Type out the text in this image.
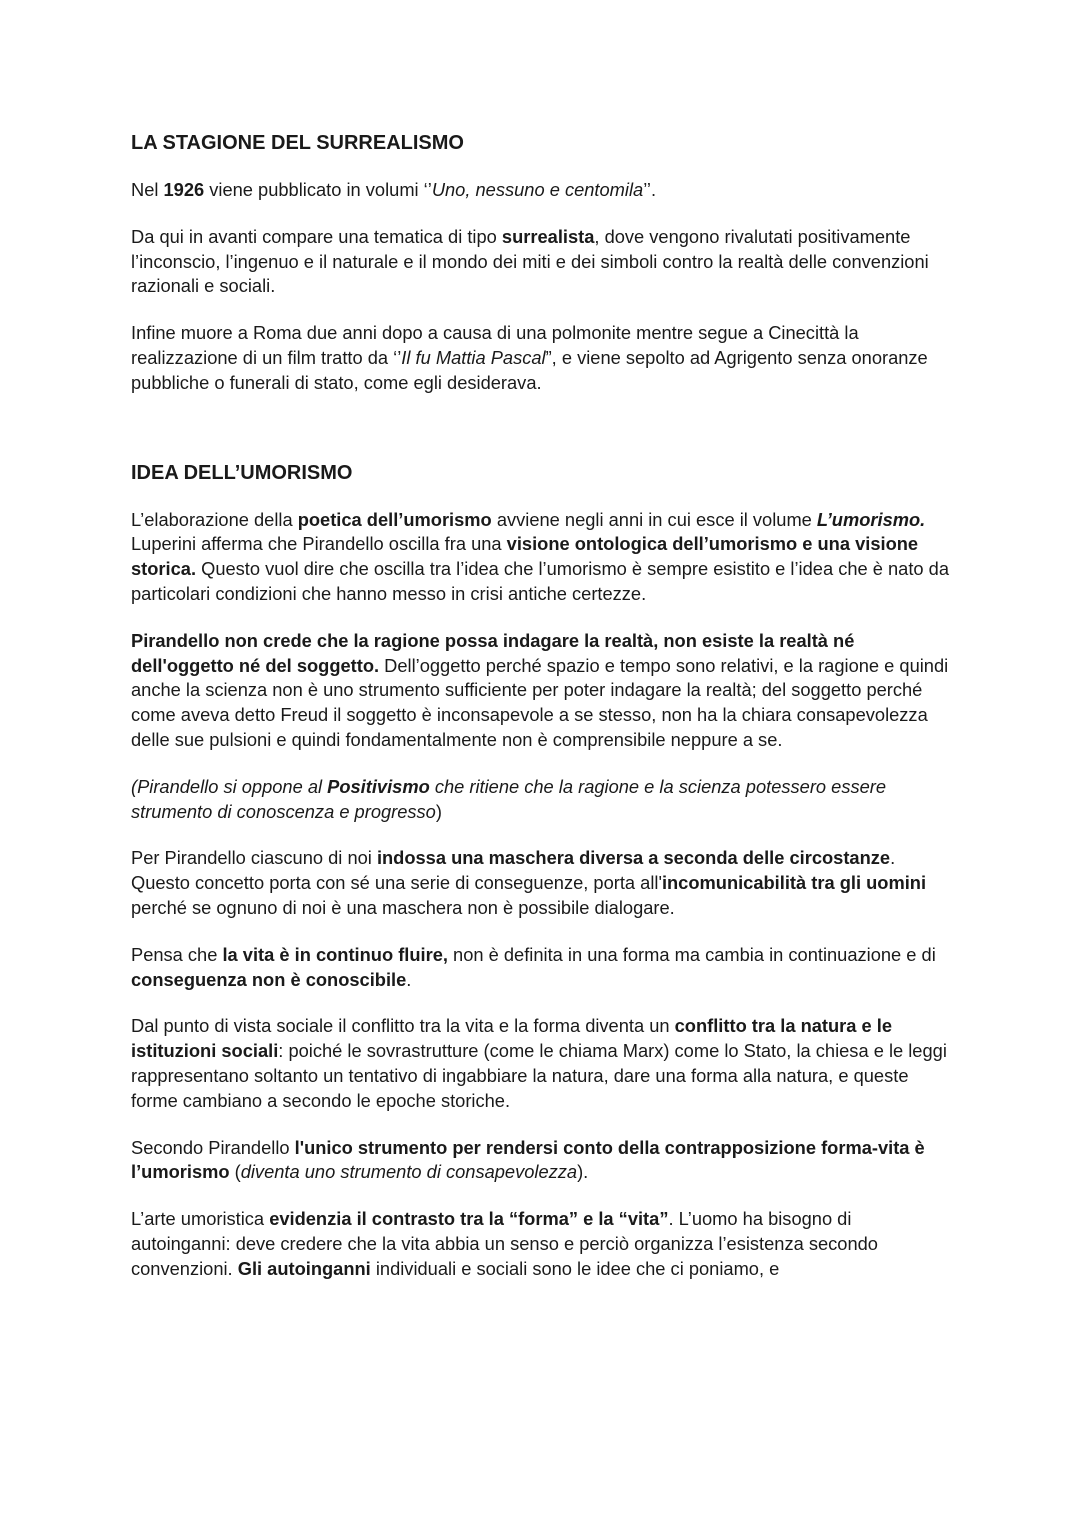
LA STAGIONE DEL SURREALISMO

Nel 1926 viene pubblicato in volumi ‘’Uno, nessuno e centomila’’.

Da qui in avanti compare una tematica di tipo surrealista, dove vengono rivalutati positivamente l’inconscio, l’ingenuo e il naturale e il mondo dei miti e dei simboli contro la realtà delle convenzioni razionali e sociali.

Infine muore a Roma due anni dopo a causa di una polmonite mentre segue a Cinecittà la realizzazione di un film tratto da ‘’Il fu Mattia Pascal”, e viene sepolto ad Agrigento senza onoranze pubbliche o funerali di stato, come egli desiderava.

IDEA DELL’UMORISMO

L’elaborazione della poetica dell’umorismo avviene negli anni in cui esce il volume L’umorismo. Luperini afferma che Pirandello oscilla fra una visione ontologica dell’umorismo e una visione storica. Questo vuol dire che oscilla tra l’idea che l’umorismo è sempre esistito e l’idea che è nato da particolari condizioni che hanno messo in crisi antiche certezze.

Pirandello non crede che la ragione possa indagare la realtà, non esiste la realtà né dell'oggetto né del soggetto. Dell’oggetto perché spazio e tempo sono relativi, e la ragione e quindi anche la scienza non è uno strumento sufficiente per poter indagare la realtà; del soggetto perché come aveva detto Freud il soggetto è inconsapevole a se stesso, non ha la chiara consapevolezza delle sue pulsioni e quindi fondamentalmente non è comprensibile neppure a se.

(Pirandello si oppone al Positivismo che ritiene che la ragione e la scienza potessero essere strumento di conoscenza e progresso)

Per Pirandello ciascuno di noi indossa una maschera diversa a seconda delle circostanze. Questo concetto porta con sé una serie di conseguenze, porta all'incomunicabilità tra gli uomini perché se ognuno di noi è una maschera non è possibile dialogare.

Pensa che la vita è in continuo fluire, non è definita in una forma ma cambia in continuazione e di conseguenza non è conoscibile.

Dal punto di vista sociale il conflitto tra la vita e la forma diventa un conflitto tra la natura e le istituzioni sociali: poiché le sovrastrutture (come le chiama Marx) come lo Stato, la chiesa e le leggi rappresentano soltanto un tentativo di ingabbiare la natura, dare una forma alla natura, e queste forme cambiano a secondo le epoche storiche.

Secondo Pirandello l'unico strumento per rendersi conto della contrapposizione forma-vita è l’umorismo (diventa uno strumento di consapevolezza).

L’arte umoristica evidenzia il contrasto tra la “forma” e la “vita”. L’uomo ha bisogno di autoinganni: deve credere che la vita abbia un senso e perciò organizza l’esistenza secondo convenzioni. Gli autoinganni individuali e sociali sono le idee che ci poniamo, e
